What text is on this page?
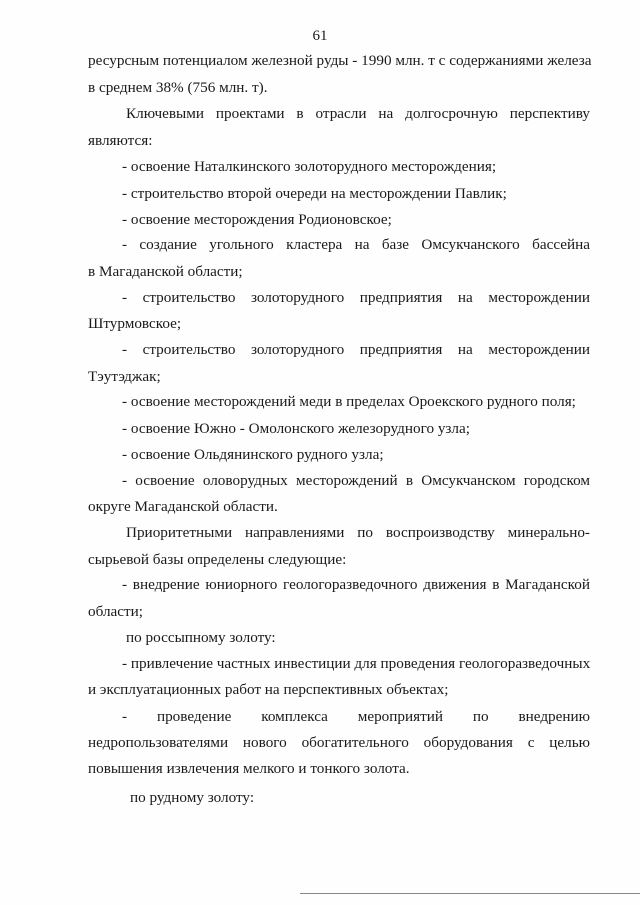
61
ресурсным потенциалом железной руды - 1990 млн. т с содержаниями железа
в среднем 38% (756 млн. т).
Ключевыми проектами в отрасли на долгосрочную перспективу
являются:
- освоение Наталкинского золоторудного месторождения;
- строительство второй очереди на месторождении Павлик;
- освоение месторождения Родионовское;
- создание угольного кластера на базе Омсукчанского бассейна
в Магаданской области;
- строительство золоторудного предприятия на месторождении
Штурмовское;
- строительство золоторудного предприятия на месторождении
Тэутэджак;
- освоение месторождений меди в пределах Ороекского рудного поля;
- освоение Южно - Омолонского железорудного узла;
- освоение Ольдянинского рудного узла;
- освоение оловорудных месторождений в Омсукчанском городском
округе Магаданской области.
Приоритетными направлениями по воспроизводству минерально-
сырьевой базы определены следующие:
- внедрение юниорного геологоразведочного движения в Магаданской
области;
по россыпному золоту:
- привлечение частных инвестиции для проведения геологоразведочных
и эксплуатационных работ на перспективных объектах;
- проведение комплекса мероприятий по внедрению
недропользователями нового обогатительного оборудования с целью
повышения извлечения мелкого и тонкого золота.
по рудному золоту:
